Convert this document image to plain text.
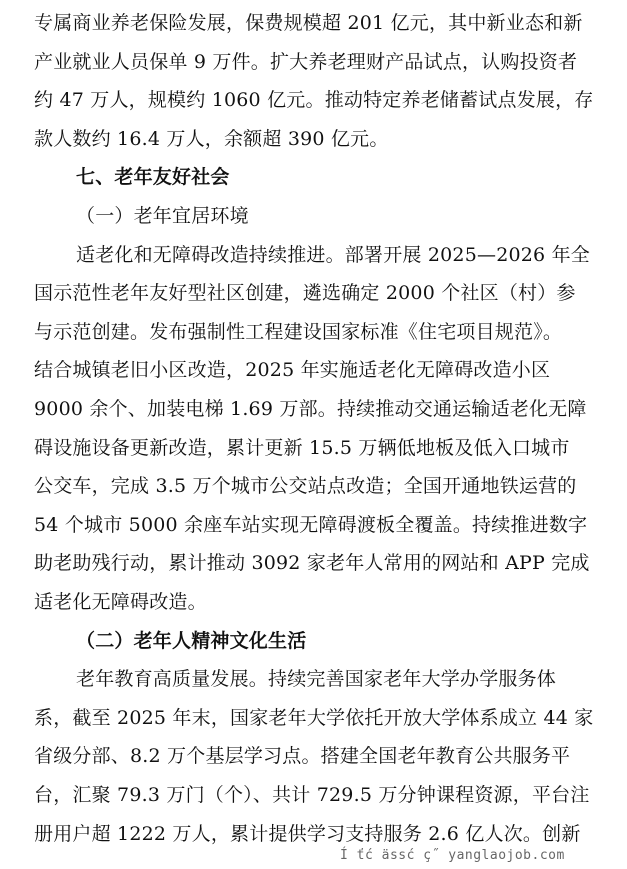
专属商业养老保险发展，保费规模超 201 亿元，其中新业态和新
产业就业人员保单 9 万件。扩大养老理财产品试点，认购投资者
约 47 万人，规模约 1060 亿元。推动特定养老储蓄试点发展，存
款人数约 16.4 万人，余额超 390 亿元。
七、老年友好社会
（一）老年宜居环境
适老化和无障碍改造持续推进。部署开展 2025—2026 年全
国示范性老年友好型社区创建，遴选确定 2000 个社区（村）参
与示范创建。发布强制性工程建设国家标准《住宅项目规范》。
结合城镇老旧小区改造，2025 年实施适老化无障碍改造小区
9000 余个、加装电梯 1.69 万部。持续推动交通运输适老化无障
碍设施设备更新改造，累计更新 15.5 万辆低地板及低入口城市
公交车，完成 3.5 万个城市公交站点改造；全国开通地铁运营的
54 个城市 5000 余座车站实现无障碍渡板全覆盖。持续推进数字
助老助残行动，累计推动 3092 家老年人常用的网站和 APP 完成
适老化无障碍改造。
（二）老年人精神文化生活
老年教育高质量发展。持续完善国家老年大学办学服务体
系，截至 2025 年末，国家老年大学依托开放大学体系成立 44 家
省级分部、8.2 万个基层学习点。搭建全国老年教育公共服务平
台，汇聚 79.3 万门（个）、共计 729.5 万分钟课程资源，平台注
册用户超 1222 万人，累计提供学习支持服务 2.6 亿人次。创新
Í ťć ässć ç˝ yanglaojob.com
